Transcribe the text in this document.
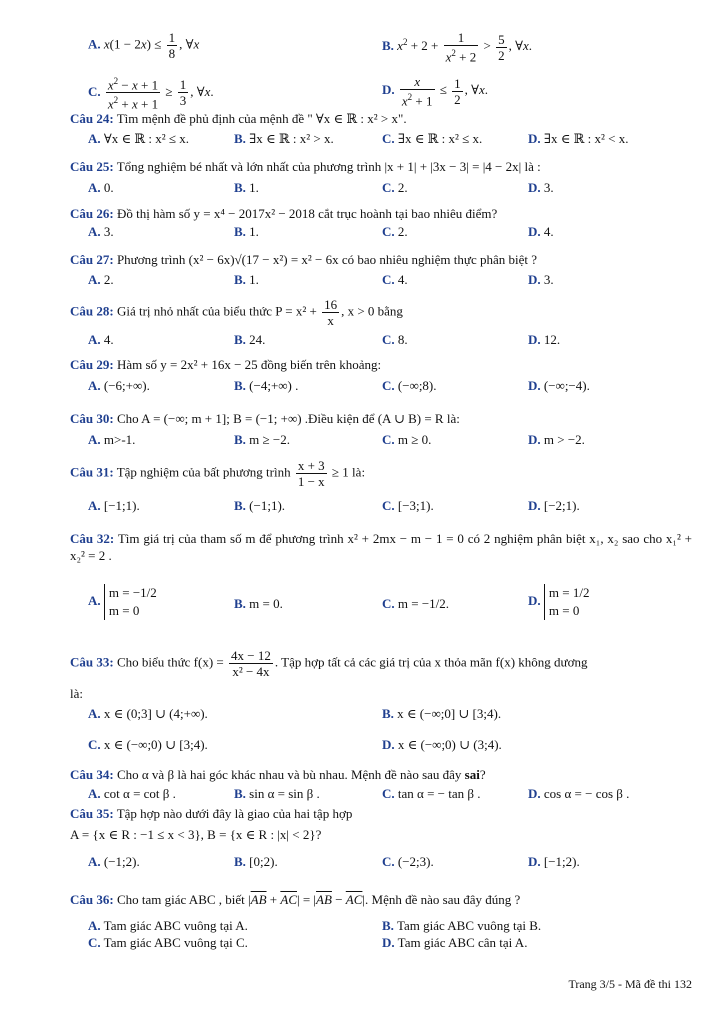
A. $x(1 - 2x) \le \frac{1}{8}$ , ∀x	B. $x^2 + 2 + \frac{1}{x^2 + 2} > \frac{5}{2}$ , ∀x.
C. $\frac{x^2 - x + 1}{x^2 + x + 1} \ge \frac{1}{3}$ , ∀x.	D. $\frac{x}{x^2 + 1} \le \frac{1}{2}$ , ∀x.
Câu 24: Tìm mệnh đề phủ định của mệnh đề " ∀x ∈ ℝ : x² > x".
A. ∀x ∈ ℝ : x² ≤ x.	B. ∃x ∈ ℝ : x² > x.	C. ∃x ∈ ℝ : x² ≤ x.	D. ∃x ∈ ℝ : x² < x.
Câu 25: Tổng nghiệm bé nhất và lớn nhất của phương trình |x + 1| + |3x − 3| = |4 − 2x| là :
A. 0.	B. 1.	C. 2.	D. 3.
Câu 26: Đồ thị hàm số y = x⁴ − 2017x² − 2018 cắt trục hoành tại bao nhiêu điểm?
A. 3.	B. 1.	C. 2.	D. 4.
Câu 27: Phương trình (x² − 6x)√(17 − x²) = x² − 6x có bao nhiêu nghiệm thực phân biệt ?
A. 2.	B. 1.	C. 4.	D. 3.
Câu 28: Giá trị nhỏ nhất của biểu thức $P = x^2 + \frac{16}{x}$ , x > 0 bằng
A. 4.	B. 24.	C. 8.	D. 12.
Câu 29: Hàm số y = 2x² + 16x − 25 đồng biến trên khoảng:
A. (−6;+∞).	B. (−4;+∞) .	C. (−∞;8).	D. (−∞;−4).
Câu 30: Cho A = (−∞; m + 1]; B = (−1; +∞) .Điều kiện để (A ∪ B) = R là:
A. m>-1.	B. m ≥ −2.	C. m ≥ 0.	D. m > −2.
Câu 31: Tập nghiệm của bất phương trình $\frac{x + 3}{1 - x} \ge 1$ là:
A. [−1;1).	B. (−1;1).	C. [−3;1).	D. [−2;1).
Câu 32: Tìm giá trị của tham số m để phương trình x² + 2mx − m − 1 = 0 có 2 nghiệm phân biệt x₁, x₂ sao cho x₁² + x₂² = 2 .
A.
m = −1/2
m = 0	B. m = 0.	C. m = −1/2.	D.
m = 1/2
m = 0
Câu 33: Cho biểu thức $f(x) = \frac{4x - 12}{\text{x² − 4x}}$ . Tập hợp tất cả các giá trị của x thỏa mãn f(x) không dương
là:
A. x ∈ (0;3] ∪ (4;+∞).	B. x ∈ (−∞;0] ∪ [3;4).
C. x ∈ (−∞;0) ∪ [3;4).	D. x ∈ (−∞;0) ∪ (3;4).
Câu 34: Cho α và β là hai góc khác nhau và bù nhau. Mệnh đề nào sau đây sai?
A. cot α = cot β .	B. sin α = sin β .	C. tan α = − tan β .	D. cos α = − cos β .
Câu 35: Tập hợp nào dưới đây là giao của hai tập hợp
A = {x ∈ R : −1 ≤ x < 3}, B = {x ∈ R : |x| < 2}?
A. (−1;2).	B. [0;2).	C. (−2;3).	D. [−1;2).
Câu 36: Cho tam giác ABC , biết $|\overline{AB} + \overline{AC}| = |\overline{AB} - \overline{AC}|$. Mệnh đề nào sau đây đúng ?
A. Tam giác ABC vuông tại A.	B. Tam giác ABC vuông tại B.
C. Tam giác ABC vuông tại C.	D. Tam giác ABC cân tại A.
Trang 3/5 - Mã đề thi 132
